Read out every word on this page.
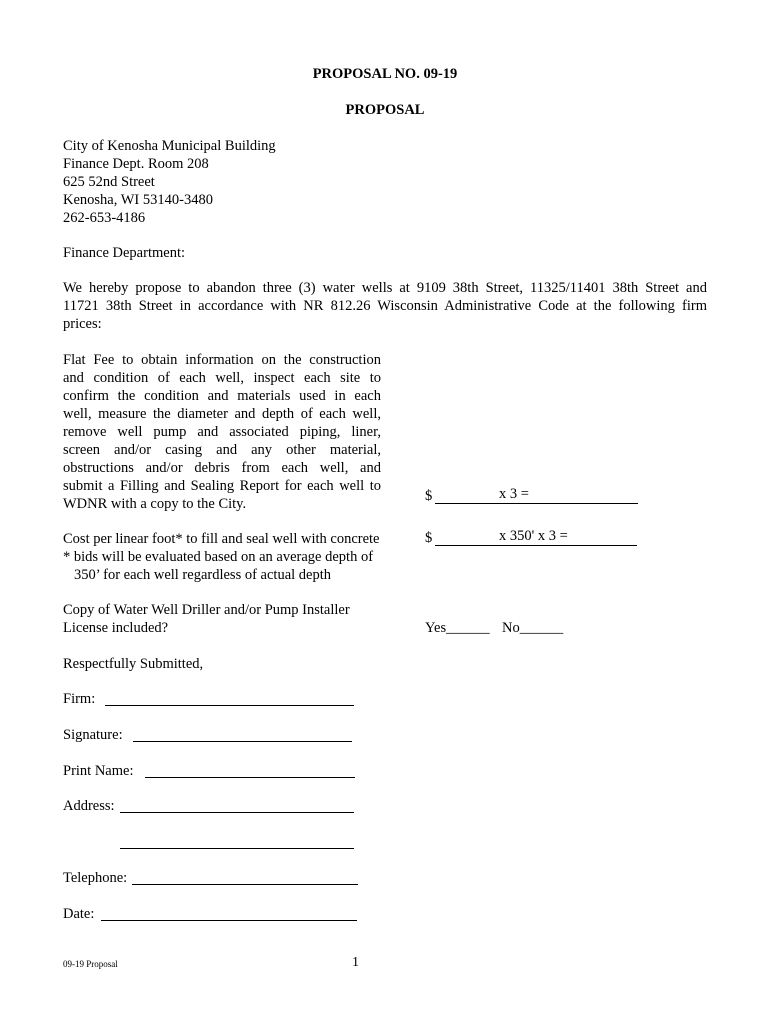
PROPOSAL NO. 09-19
PROPOSAL
City of Kenosha Municipal Building
Finance Dept. Room 208
625 52nd Street
Kenosha, WI 53140-3480
262-653-4186
Finance Department:
We hereby propose to abandon three (3) water wells at 9109 38th Street, 11325/11401 38th Street and
11721 38th Street in accordance with NR 812.26 Wisconsin Administrative Code at the following firm
prices:
Flat Fee to obtain information on the construction
and condition of each well, inspect each site to
confirm the condition and materials used in each
well, measure the diameter and depth of each well,
remove well pump and associated piping, liner,
screen and/or casing and any other material,
obstructions and/or debris from each well, and
submit a Filling and Sealing Report for each well to
WDNR with a copy to the City.	$	x 3 =
Cost per linear foot* to fill and seal well with concrete
* bids will be evaluated based on an average depth of
350’ for each well regardless of actual depth
$	x 350' x 3 =
Copy of Water Well Driller and/or Pump Installer
License included?	Yes______ No______
Respectfully Submitted,
Firm:
Signature:
Print Name:
Address:
Telephone:
Date:
09-19 Proposal	1
